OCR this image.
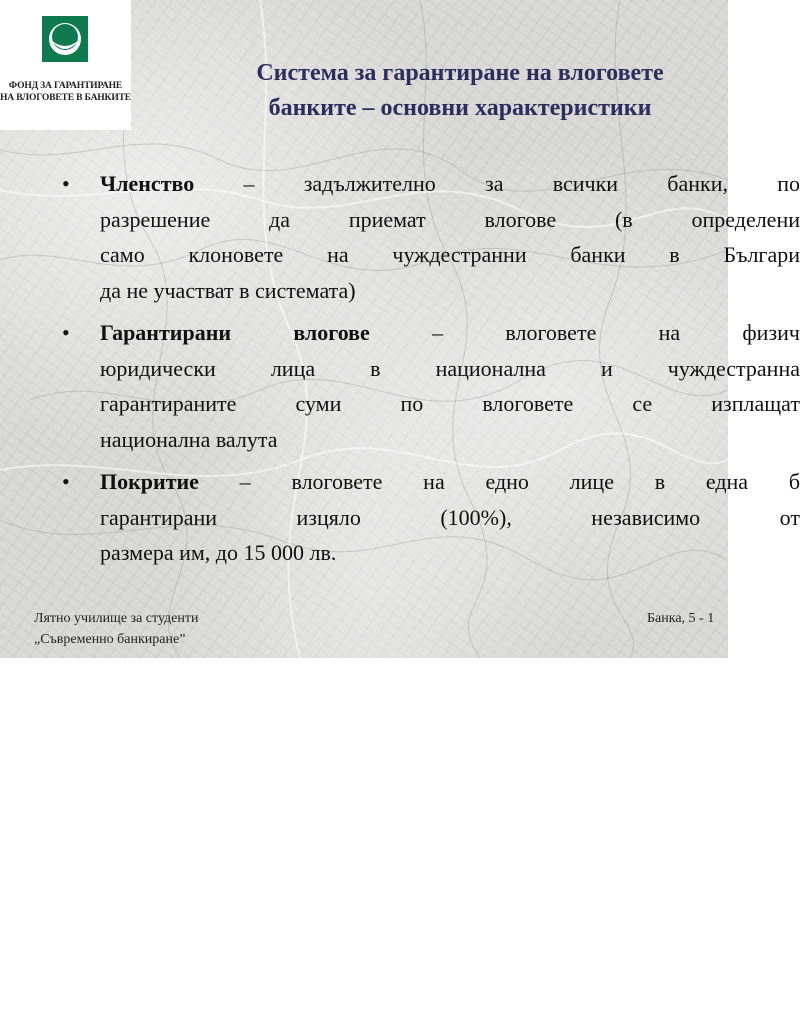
ФОНД ЗА ГАРАНТИРАНЕ
НА ВЛОГОВЕТЕ В БАНКИТЕ
Система за гарантиране на влоговете
банките – основни характеристики
•	Членство – задължително за всички банки, по
разрешение да приемат влогове (в определени
само клоновете на чуждестранни банки в Българи
да не участват в системата)
•	Гарантирани влогове	– влоговете на физич
юридически лица в национална и чуждестранна
гарантираните суми по влоговете се изплащат
национална валута
•	Покритие – влоговете на едно лице в една б
гарантирани изцяло (100%), независимо от
размера им, до 15 000 лв.
Лятно училище за студенти
„Съвременно банкиране”
Банка, 5 - 1
